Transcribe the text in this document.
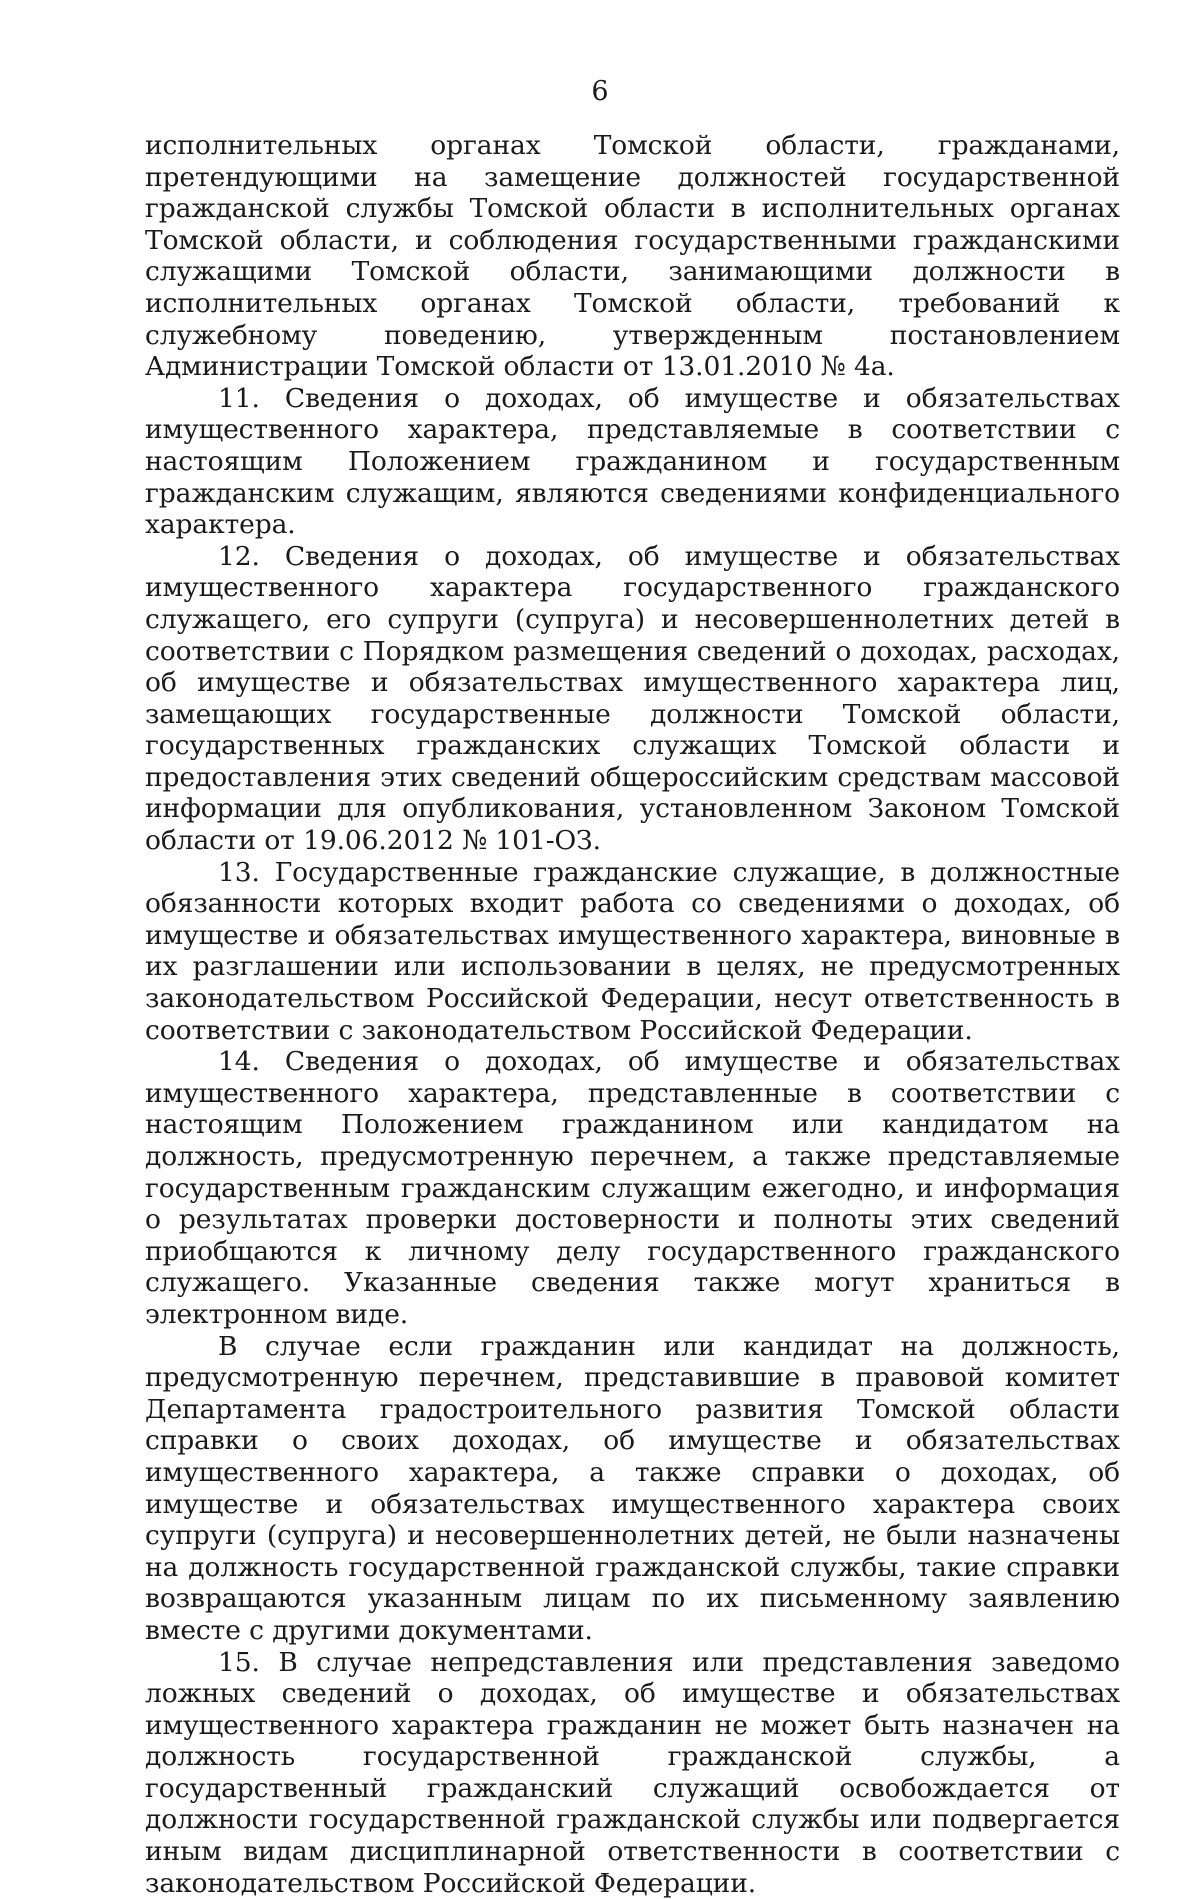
6

исполнительных органах Томской области, гражданами, претендующими на замещение должностей государственной гражданской службы Томской области в исполнительных органах Томской области, и соблюдения государственными гражданскими служащими Томской области, занимающими должности в исполнительных органах Томской области, требований к служебному поведению, утвержденным постановлением Администрации Томской области от 13.01.2010 № 4а.

11. Сведения о доходах, об имуществе и обязательствах имущественного характера, представляемые в соответствии с настоящим Положением гражданином и государственным гражданским служащим, являются сведениями конфиденциального характера.

12. Сведения о доходах, об имуществе и обязательствах имущественного характера государственного гражданского служащего, его супруги (супруга) и несовершеннолетних детей в соответствии с Порядком размещения сведений о доходах, расходах, об имуществе и обязательствах имущественного характера лиц, замещающих государственные должности Томской области, государственных гражданских служащих Томской области и предоставления этих сведений общероссийским средствам массовой информации для опубликования, установленном Законом Томской области от 19.06.2012 № 101-ОЗ.

13. Государственные гражданские служащие, в должностные обязанности которых входит работа со сведениями о доходах, об имуществе и обязательствах имущественного характера, виновные в их разглашении или использовании в целях, не предусмотренных законодательством Российской Федерации, несут ответственность в соответствии с законодательством Российской Федерации.

14. Сведения о доходах, об имуществе и обязательствах имущественного характера, представленные в соответствии с настоящим Положением гражданином или кандидатом на должность, предусмотренную перечнем, а также представляемые государственным гражданским служащим ежегодно, и информация о результатах проверки достоверности и полноты этих сведений приобщаются к личному делу государственного гражданского служащего. Указанные сведения также могут храниться в электронном виде.

В случае если гражданин или кандидат на должность, предусмотренную перечнем, представившие в правовой комитет Департамента градостроительного развития Томской области справки о своих доходах, об имуществе и обязательствах имущественного характера, а также справки о доходах, об имуществе и обязательствах имущественного характера своих супруги (супруга) и несовершеннолетних детей, не были назначены на должность государственной гражданской службы, такие справки возвращаются указанным лицам по их письменному заявлению вместе с другими документами.

15. В случае непредставления или представления заведомо ложных сведений о доходах, об имуществе и обязательствах имущественного характера гражданин не может быть назначен на должность государственной гражданской службы, а государственный гражданский служащий освобождается от должности государственной гражданской службы или подвергается иным видам дисциплинарной ответственности в соответствии с законодательством Российской Федерации.
